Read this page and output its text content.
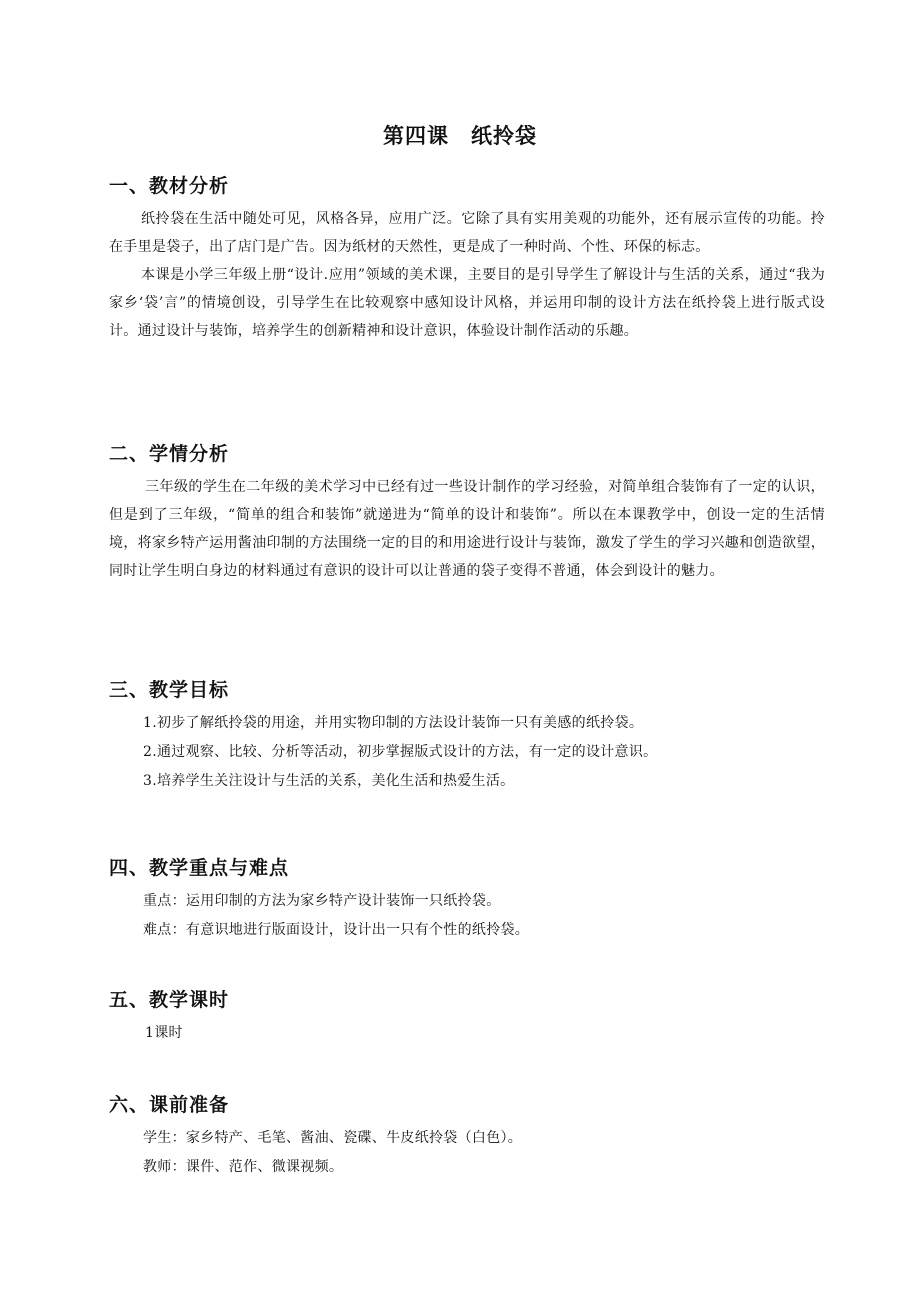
第四课　纸拎袋
一、教材分析

纸拎袋在生活中随处可见，风格各异，应用广泛。它除了具有实用美观的功能外，还有展示宣传的功能。拎在手里是袋子，出了店门是广告。因为纸材的天然性，更是成了一种时尚、个性、环保的标志。

本课是小学三年级上册“设计.应用”领域的美术课，主要目的是引导学生了解设计与生活的关系，通过“我为家乡‘袋’言”的情境创设，引导学生在比较观察中感知设计风格，并运用印制的设计方法在纸拎袋上进行版式设计。通过设计与装饰，培养学生的创新精神和设计意识，体验设计制作活动的乐趣。

二、学情分析

三年级的学生在二年级的美术学习中已经有过一些设计制作的学习经验，对简单组合装饰有了一定的认识，但是到了三年级，“简单的组合和装饰”就递进为“简单的设计和装饰”。所以在本课教学中，创设一定的生活情境，将家乡特产运用酱油印制的方法围绕一定的目的和用途进行设计与装饰，激发了学生的学习兴趣和创造欲望，同时让学生明白身边的材料通过有意识的设计可以让普通的袋子变得不普通，体会到设计的魅力。

三、教学目标

1.初步了解纸拎袋的用途，并用实物印制的方法设计装饰一只有美感的纸拎袋。

2.通过观察、比较、分析等活动，初步掌握版式设计的方法，有一定的设计意识。

3.培养学生关注设计与生活的关系，美化生活和热爱生活。

四、教学重点与难点

重点：运用印制的方法为家乡特产设计装饰一只纸拎袋。

难点：有意识地进行版面设计，设计出一只有个性的纸拎袋。

五、教学课时

1课时

六、课前准备

学生：家乡特产、毛笔、酱油、瓷碟、牛皮纸拎袋（白色）。

教师：课件、范作、微课视频。
